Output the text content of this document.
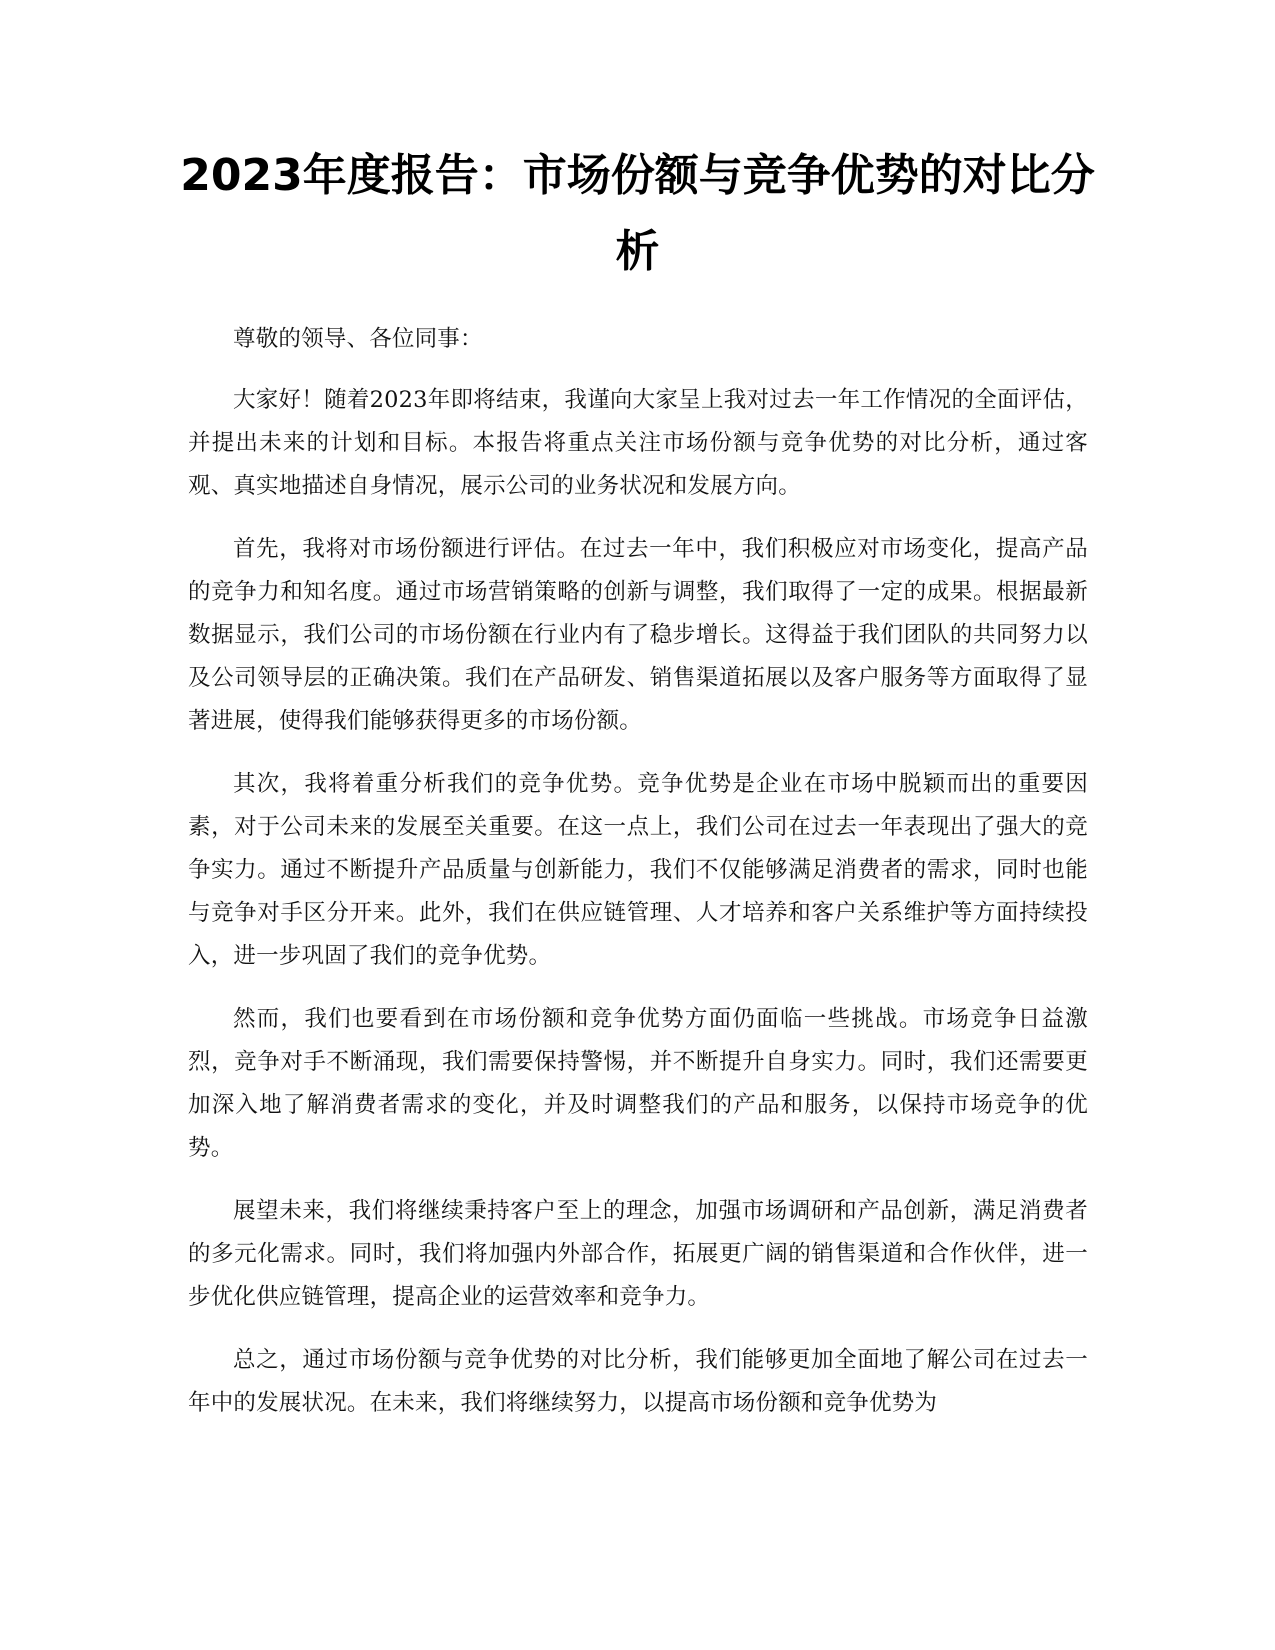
2023年度报告：市场份额与竞争优势的对比分析

尊敬的领导、各位同事：

大家好！随着2023年即将结束，我谨向大家呈上我对过去一年工作情况的全面评估，并提出未来的计划和目标。本报告将重点关注市场份额与竞争优势的对比分析，通过客观、真实地描述自身情况，展示公司的业务状况和发展方向。

首先，我将对市场份额进行评估。在过去一年中，我们积极应对市场变化，提高产品的竞争力和知名度。通过市场营销策略的创新与调整，我们取得了一定的成果。根据最新数据显示，我们公司的市场份额在行业内有了稳步增长。这得益于我们团队的共同努力以及公司领导层的正确决策。我们在产品研发、销售渠道拓展以及客户服务等方面取得了显著进展，使得我们能够获得更多的市场份额。

其次，我将着重分析我们的竞争优势。竞争优势是企业在市场中脱颖而出的重要因素，对于公司未来的发展至关重要。在这一点上，我们公司在过去一年表现出了强大的竞争实力。通过不断提升产品质量与创新能力，我们不仅能够满足消费者的需求，同时也能与竞争对手区分开来。此外，我们在供应链管理、人才培养和客户关系维护等方面持续投入，进一步巩固了我们的竞争优势。

然而，我们也要看到在市场份额和竞争优势方面仍面临一些挑战。市场竞争日益激烈，竞争对手不断涌现，我们需要保持警惕，并不断提升自身实力。同时，我们还需要更加深入地了解消费者需求的变化，并及时调整我们的产品和服务，以保持市场竞争的优势。

展望未来，我们将继续秉持客户至上的理念，加强市场调研和产品创新，满足消费者的多元化需求。同时，我们将加强内外部合作，拓展更广阔的销售渠道和合作伙伴，进一步优化供应链管理，提高企业的运营效率和竞争力。

总之，通过市场份额与竞争优势的对比分析，我们能够更加全面地了解公司在过去一年中的发展状况。在未来，我们将继续努力，以提高市场份额和竞争优势为
